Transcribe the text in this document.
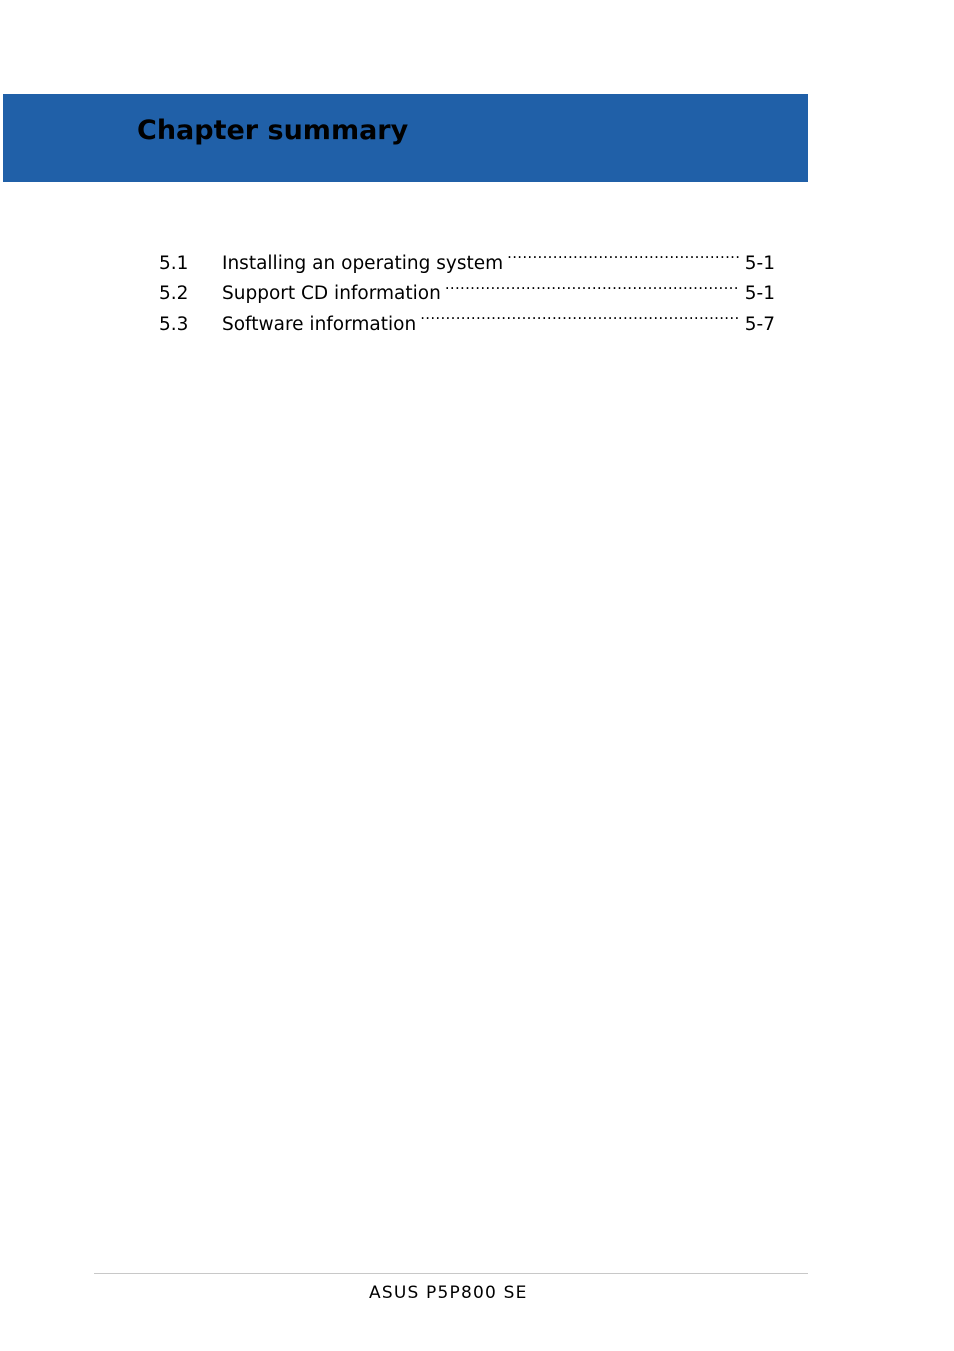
Chapter summary
5.1	Installing an operating system .....	5-1
5.2	Support CD information .....	5-1
5.3	Software information .....	5-7

ASUS P5P800 SE
